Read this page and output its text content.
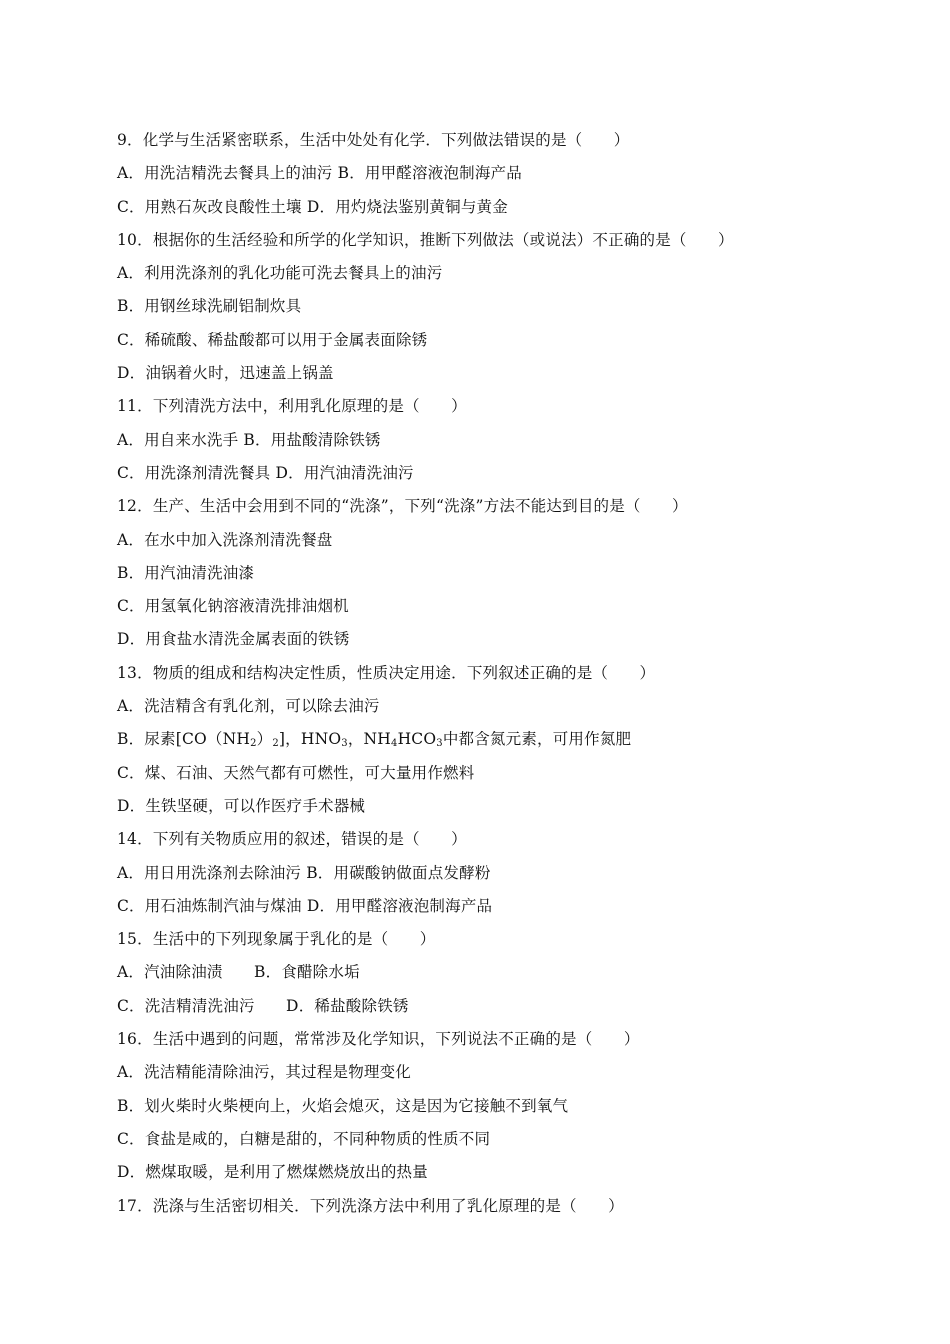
9．化学与生活紧密联系，生活中处处有化学．下列做法错误的是（　　）
A．用洗洁精洗去餐具上的油污 B．用甲醛溶液泡制海产品
C．用熟石灰改良酸性土壤 D．用灼烧法鉴别黄铜与黄金
10．根据你的生活经验和所学的化学知识，推断下列做法（或说法）不正确的是（　　）
A．利用洗涤剂的乳化功能可洗去餐具上的油污
B．用钢丝球洗刷铝制炊具
C．稀硫酸、稀盐酸都可以用于金属表面除锈
D．油锅着火时，迅速盖上锅盖
11．下列清洗方法中，利用乳化原理的是（　　）
A．用自来水洗手 B．用盐酸清除铁锈
C．用洗涤剂清洗餐具 D．用汽油清洗油污
12．生产、生活中会用到不同的“洗涤”，下列“洗涤”方法不能达到目的是（　　）
A．在水中加入洗涤剂清洗餐盘
B．用汽油清洗油漆
C．用氢氧化钠溶液清洗排油烟机
D．用食盐水清洗金属表面的铁锈
13．物质的组成和结构决定性质，性质决定用途．下列叙述正确的是（　　）
A．洗洁精含有乳化剂，可以除去油污
B．尿素$[CO(NH_2)_2]$，$HNO_3$，$NH_4HCO_3$中都含氮元素，可用作氮肥
C．煤、石油、天然气都有可燃性，可大量用作燃料
D．生铁坚硬，可以作医疗手术器械
14．下列有关物质应用的叙述，错误的是（　　）
A．用日用洗涤剂去除油污 B．用碳酸钠做面点发酵粉
C．用石油炼制汽油与煤油 D．用甲醛溶液泡制海产品
15．生活中的下列现象属于乳化的是（　　）
A．汽油除油渍　　B．食醋除水垢
C．洗洁精清洗油污　　D．稀盐酸除铁锈
16．生活中遇到的问题，常常涉及化学知识，下列说法不正确的是（　　）
A．洗洁精能清除油污，其过程是物理变化
B．划火柴时火柴梗向上，火焰会熄灭，这是因为它接触不到氧气
C．食盐是咸的，白糖是甜的，不同种物质的性质不同
D．燃煤取暖，是利用了燃煤燃烧放出的热量
17．洗涤与生活密切相关．下列洗涤方法中利用了乳化原理的是（　　）
